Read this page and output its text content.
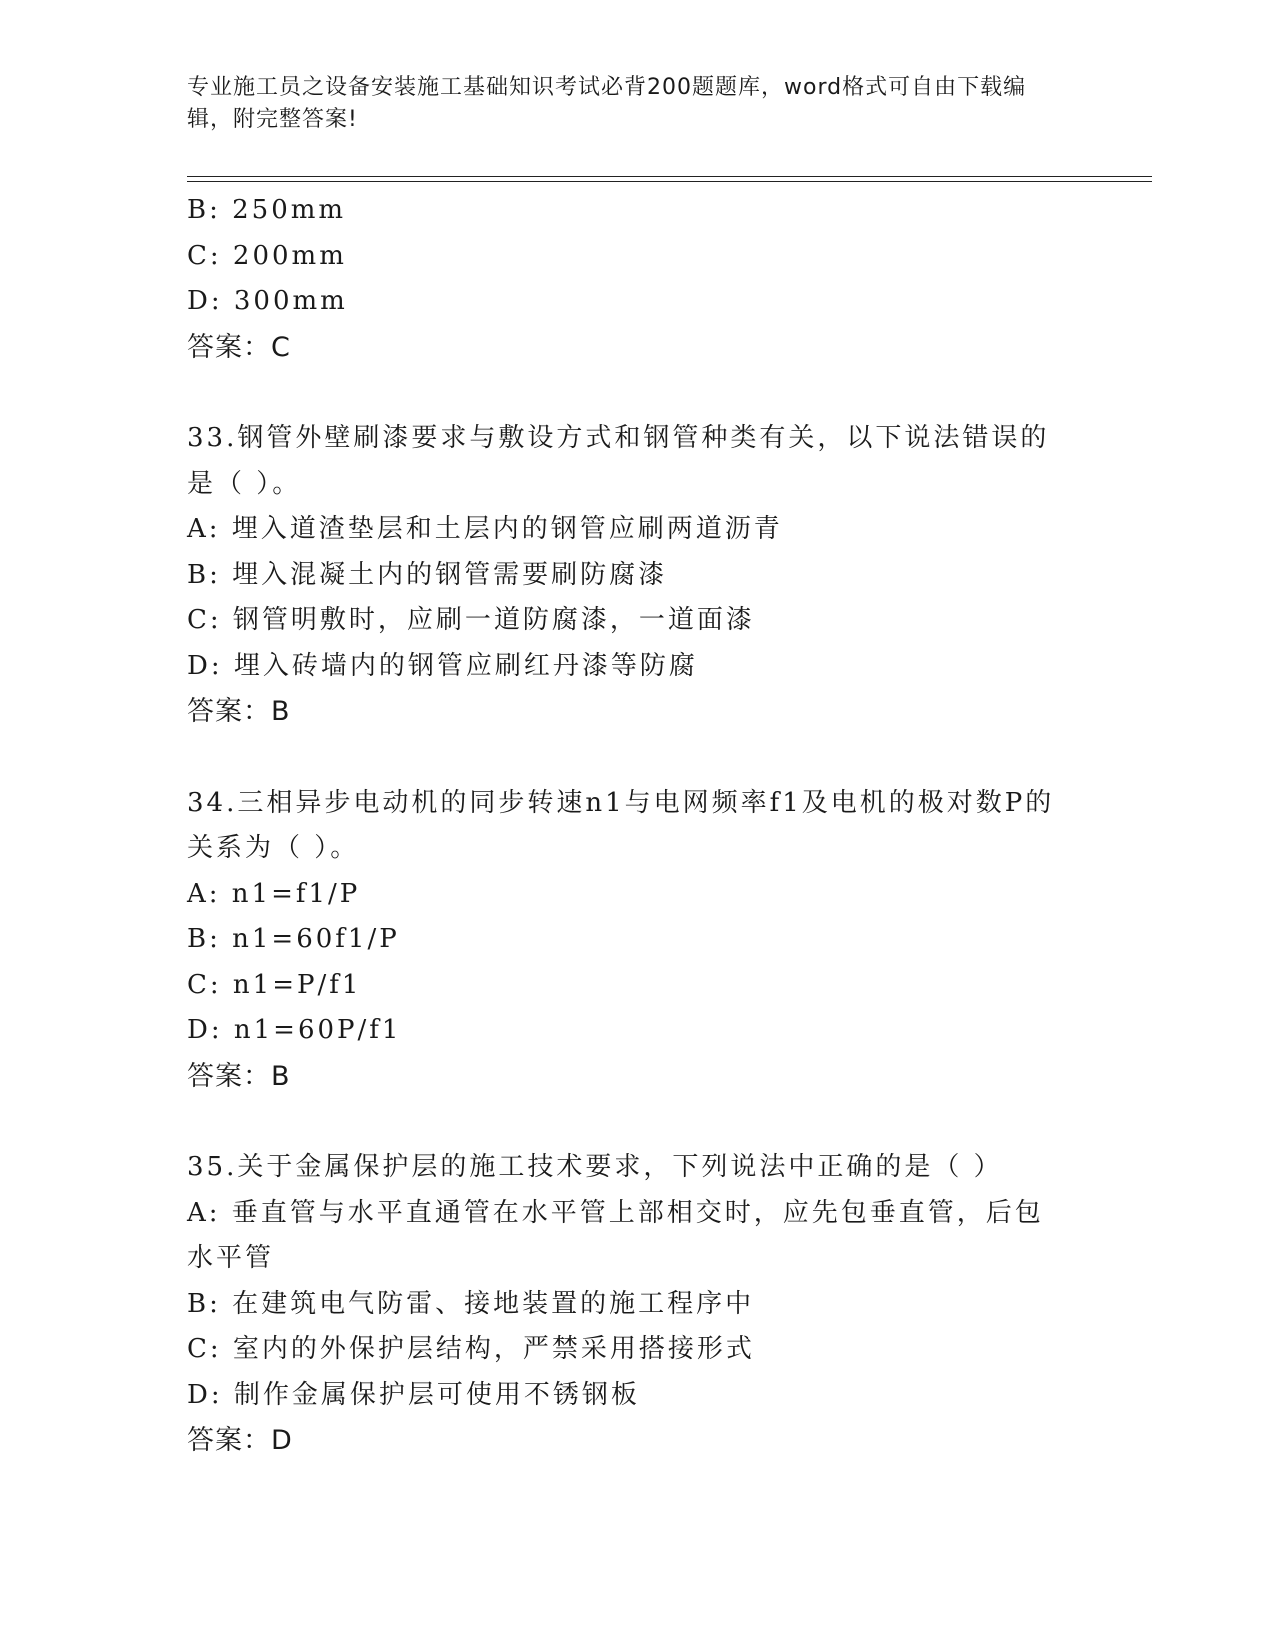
专业施工员之设备安装施工基础知识考试必背200题题库，word格式可自由下载编辑，附完整答案!
B: 250mm
C: 200mm
D: 300mm
答案：C
33.钢管外壁刷漆要求与敷设方式和钢管种类有关，以下说法错误的是（ ）。
A: 埋入道渣垫层和土层内的钢管应刷两道沥青
B: 埋入混凝土内的钢管需要刷防腐漆
C: 钢管明敷时，应刷一道防腐漆，一道面漆
D: 埋入砖墙内的钢管应刷红丹漆等防腐
答案：B
34.三相异步电动机的同步转速n1与电网频率f1及电机的极对数P的关系为（ ）。
A: n1=f1/P
B: n1=60f1/P
C: n1=P/f1
D: n1=60P/f1
答案：B
35.关于金属保护层的施工技术要求，下列说法中正确的是（ ）
A: 垂直管与水平直通管在水平管上部相交时，应先包垂直管，后包水平管
B: 在建筑电气防雷、接地装置的施工程序中
C: 室内的外保护层结构，严禁采用搭接形式
D: 制作金属保护层可使用不锈钢板
答案：D
